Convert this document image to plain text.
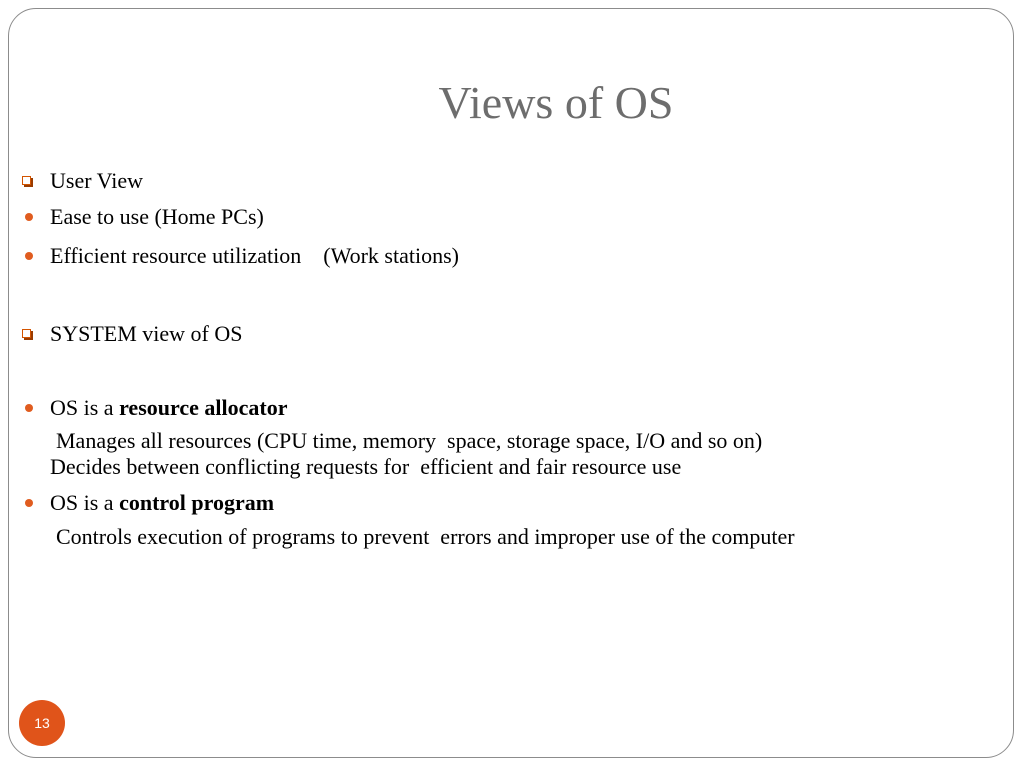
Views of OS
User View
Ease to use (Home PCs)
Efficient resource utilization    (Work stations)
SYSTEM view of OS
OS is a resource allocator
Manages all resources (CPU time, memory  space, storage space, I/O and so on)
Decides between conflicting requests for  efficient and fair resource use
OS is a control program
Controls execution of programs to prevent  errors and improper use of the computer
13
